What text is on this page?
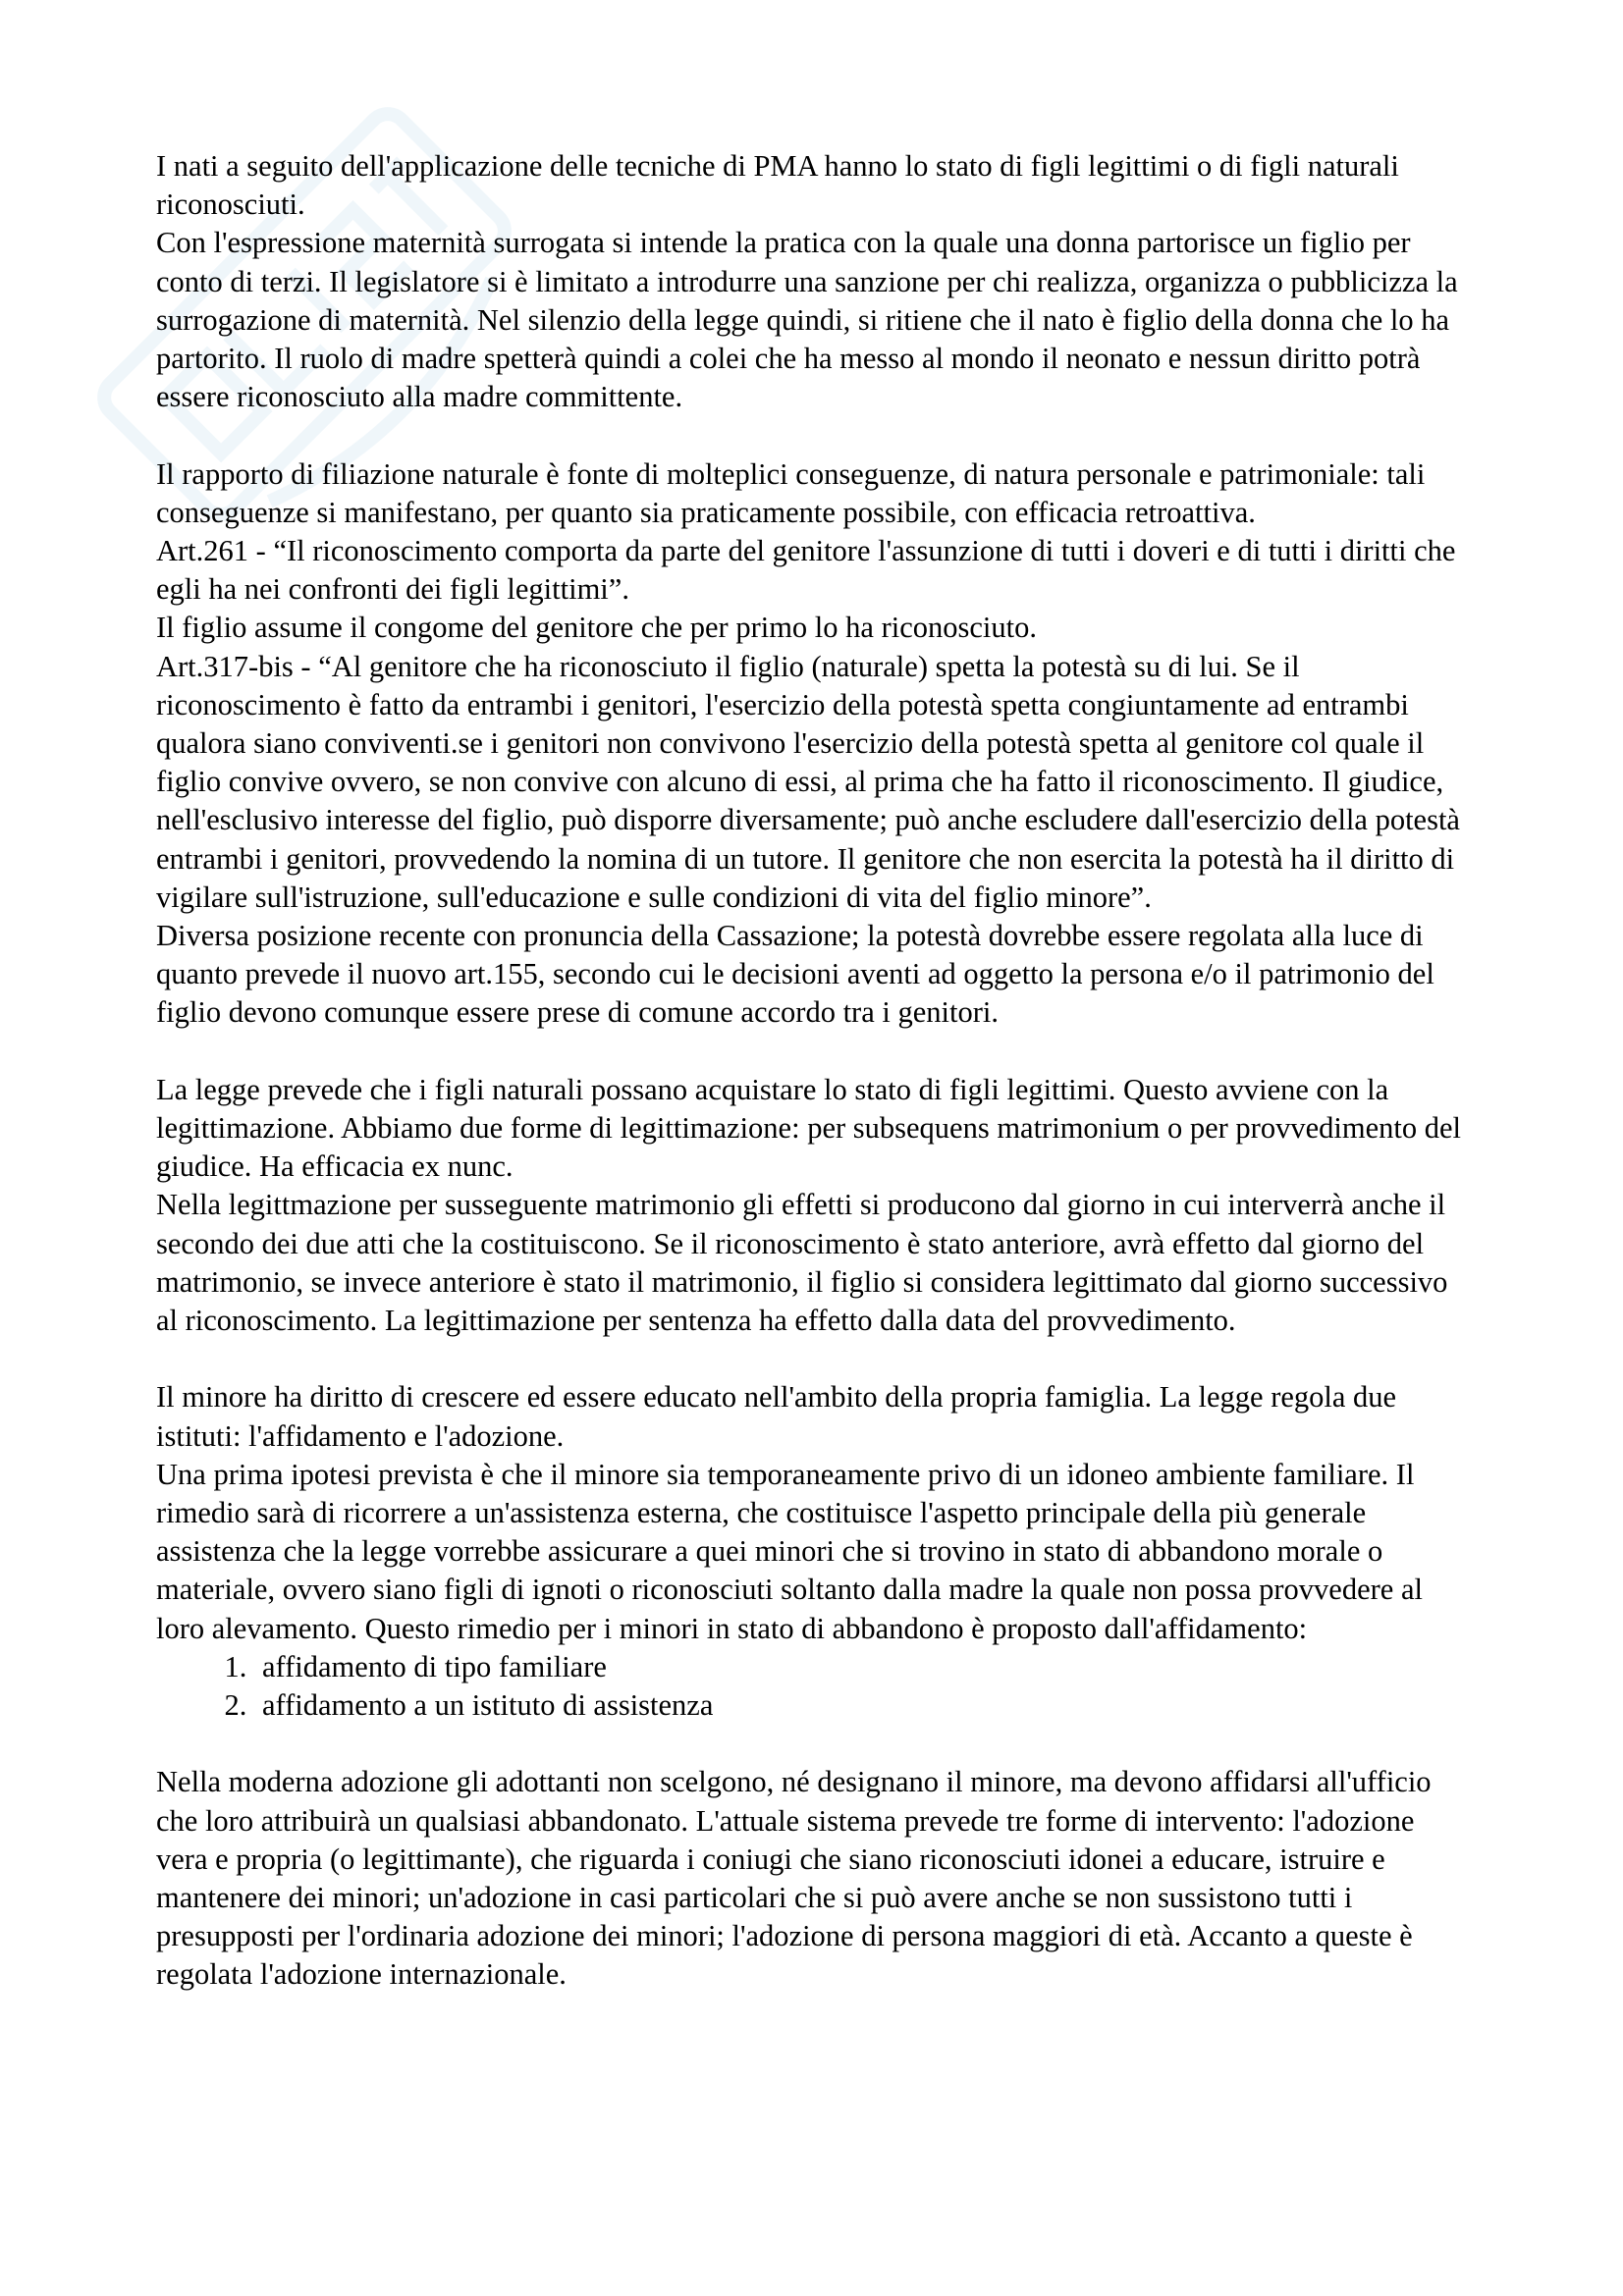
I nati a seguito dell'applicazione delle tecniche di PMA hanno lo stato di figli legittimi o di figli naturali riconosciuti.

Con l'espressione maternità surrogata si intende la pratica con la quale una donna partorisce un figlio per conto di terzi. Il legislatore si è limitato a introdurre una sanzione per chi realizza, organizza o pubblicizza la surrogazione di maternità. Nel silenzio della legge quindi, si ritiene che il nato è figlio della donna che lo ha partorito. Il ruolo di madre spetterà quindi a colei che ha messo al mondo il neonato e nessun diritto potrà essere riconosciuto alla madre committente.

Il rapporto di filiazione naturale è fonte di molteplici conseguenze, di natura personale e patrimoniale: tali conseguenze si manifestano, per quanto sia praticamente possibile, con efficacia retroattiva.

Art.261 - “Il riconoscimento comporta da parte del genitore l'assunzione di tutti i doveri e di tutti i diritti che egli ha nei confronti dei figli legittimi”.

Il figlio assume il congome del genitore che per primo lo ha riconosciuto.

Art.317-bis - “Al genitore che ha riconosciuto il figlio (naturale) spetta la potestà su di lui. Se il riconoscimento è fatto da entrambi i genitori, l'esercizio della potestà spetta congiuntamente ad entrambi qualora siano conviventi.se i genitori non convivono l'esercizio della potestà spetta al genitore col quale il figlio convive ovvero, se non convive con alcuno di essi, al prima che ha fatto il riconoscimento. Il giudice, nell'esclusivo interesse del figlio, può disporre diversamente; può anche escludere dall'esercizio della potestà entrambi i genitori, provvedendo la nomina di un tutore. Il genitore che non esercita la potestà ha il diritto di vigilare sull'istruzione, sull'educazione e sulle condizioni di vita del figlio minore”.

Diversa posizione recente con pronuncia della Cassazione; la potestà dovrebbe essere regolata alla luce di quanto prevede il nuovo art.155, secondo cui le decisioni aventi ad oggetto la persona e/o il patrimonio del figlio devono comunque essere prese di comune accordo tra i genitori.

La legge prevede che i figli naturali possano acquistare lo stato di figli legittimi. Questo avviene con la legittimazione. Abbiamo due forme di legittimazione: per subsequens matrimonium o per provvedimento del giudice. Ha efficacia ex nunc.

Nella legittmazione per susseguente matrimonio gli effetti si producono dal giorno in cui interverrà anche il secondo dei due atti che la costituiscono. Se il riconoscimento è stato anteriore, avrà effetto dal giorno del matrimonio, se invece anteriore è stato il matrimonio, il figlio si considera legittimato dal giorno successivo al riconoscimento. La legittimazione per sentenza ha effetto dalla data del provvedimento.

Il minore ha diritto di crescere ed essere educato nell'ambito della propria famiglia. La legge regola due istituti: l'affidamento e l'adozione.

Una prima ipotesi prevista è che il minore sia temporaneamente privo di un idoneo ambiente familiare. Il rimedio sarà di ricorrere a un'assistenza esterna, che costituisce l'aspetto principale della più generale assistenza che la legge vorrebbe assicurare a quei minori che si trovino in stato di abbandono morale o materiale, ovvero siano figli di ignoti o riconosciuti soltanto dalla madre la quale non possa provvedere al loro alevamento. Questo rimedio per i minori in stato di abbandono è proposto dall'affidamento:

1. affidamento di tipo familiare
2. affidamento a un istituto di assistenza

Nella moderna adozione gli adottanti non scelgono, né designano il minore, ma devono affidarsi all'ufficio che loro attribuirà un qualsiasi abbandonato. L'attuale sistema prevede tre forme di intervento: l'adozione vera e propria (o legittimante), che riguarda i coniugi che siano riconosciuti idonei a educare, istruire e mantenere dei minori; un'adozione in casi particolari che si può avere anche se non sussistono tutti i presupposti per l'ordinaria adozione dei minori; l'adozione di persona maggiori di età. Accanto a queste è regolata l'adozione internazionale.
